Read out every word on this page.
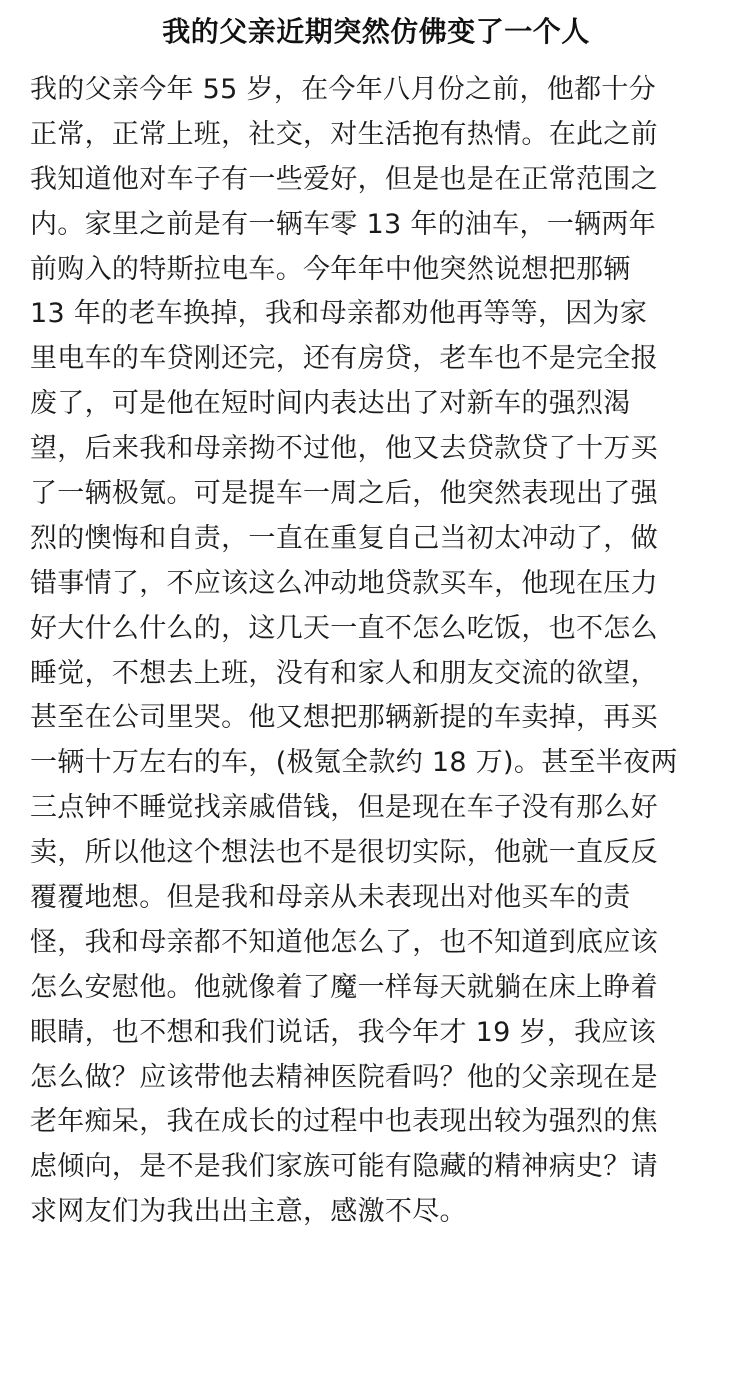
我的父亲近期突然仿佛变了一个人
我的父亲今年 55 岁，在今年八月份之前，他都十分
正常，正常上班，社交，对生活抱有热情。在此之前
我知道他对车子有一些爱好，但是也是在正常范围之
内。家里之前是有一辆车零 13 年的油车，一辆两年
前购入的特斯拉电车。今年年中他突然说想把那辆
13 年的老车换掉，我和母亲都劝他再等等，因为家
里电车的车贷刚还完，还有房贷，老车也不是完全报
废了，可是他在短时间内表达出了对新车的强烈渴
望，后来我和母亲拗不过他，他又去贷款贷了十万买
了一辆极氪。可是提车一周之后，他突然表现出了强
烈的懊悔和自责，一直在重复自己当初太冲动了，做
错事情了，不应该这么冲动地贷款买车，他现在压力
好大什么什么的，这几天一直不怎么吃饭，也不怎么
睡觉，不想去上班，没有和家人和朋友交流的欲望，
甚至在公司里哭。他又想把那辆新提的车卖掉，再买
一辆十万左右的车，(极氪全款约 18 万)。甚至半夜两
三点钟不睡觉找亲戚借钱，但是现在车子没有那么好
卖，所以他这个想法也不是很切实际，他就一直反反
覆覆地想。但是我和母亲从未表现出对他买车的责
怪，我和母亲都不知道他怎么了，也不知道到底应该
怎么安慰他。他就像着了魔一样每天就躺在床上睁着
眼睛，也不想和我们说话，我今年才 19 岁，我应该
怎么做？应该带他去精神医院看吗？他的父亲现在是
老年痴呆，我在成长的过程中也表现出较为强烈的焦
虑倾向，是不是我们家族可能有隐藏的精神病史？请
求网友们为我出出主意，感激不尽。
